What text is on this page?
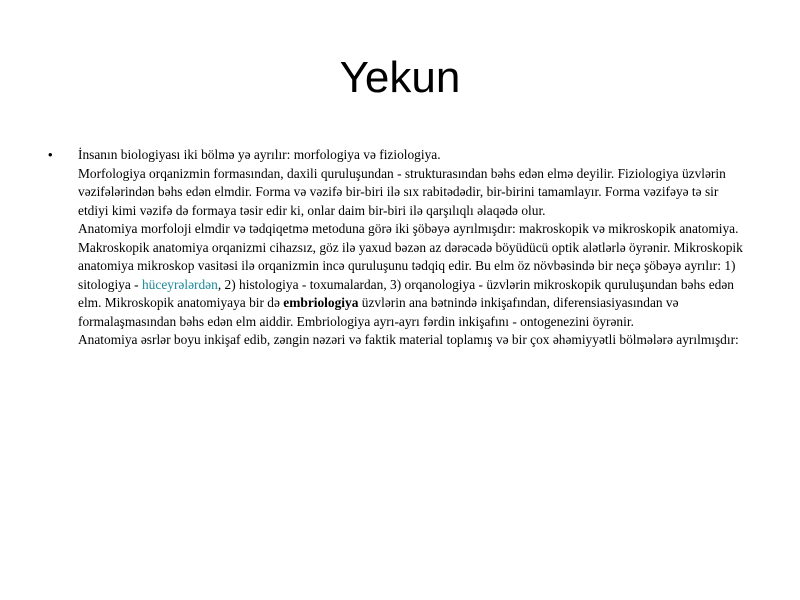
Yekun
• İnsanın biologiyası iki bölmə yə ayrılır: morfologiya və fiziologiya.

Morfologiya orqanizmin formasından, daxili quruluşundan - strukturasından bəhs edən elmə deyilir. Fiziologiya üzvlərin vəzifələrindən bəhs edən elmdir. Forma və vəzifə bir-biri ilə sıx rabitədədir, bir-birini tamamlayır. Forma vəzifəyə tə sir etdiyi kimi vəzifə də formaya təsir edir ki, onlar daim bir-biri ilə qarşılıqlı əlaqədə olur.

Anatomiya morfoloji elmdir və tədqiqetmə metoduna görə iki şöbəyə ayrılmışdır: makroskopik və mikroskopik anatomiya. Makroskopik anatomiya orqanizmi cihazsız, göz ilə yaxud bəzən az dərəcədə böyüdücü optik alətlərlə öyrənir. Mikroskopik anatomiya mikroskop vasitəsi ilə orqanizmin incə quruluşunu tədqiq edir. Bu elm öz növbəsində bir neçə şöbəyə ayrılır: 1) sitologiya - hüceyrələrdən, 2) histologiya - toxumalardan, 3) orqanologiya - üzvlərin mikroskopik quruluşundan bəhs edən elm. Mikroskopik anatomiyaya bir də embriologiya üzvlərin ana bətnində inkişafından, diferensiasiyasından və formalaşmasından bəhs edən elm aiddir. Embriologiya ayrı-ayrı fərdin inkişafını - ontogenezini öyrənir.

Anatomiya əsrlər boyu inkişaf edib, zəngin nəzəri və faktik material toplamış və bir çox əhəmiyyətli bölmələrə ayrılmışdır:
